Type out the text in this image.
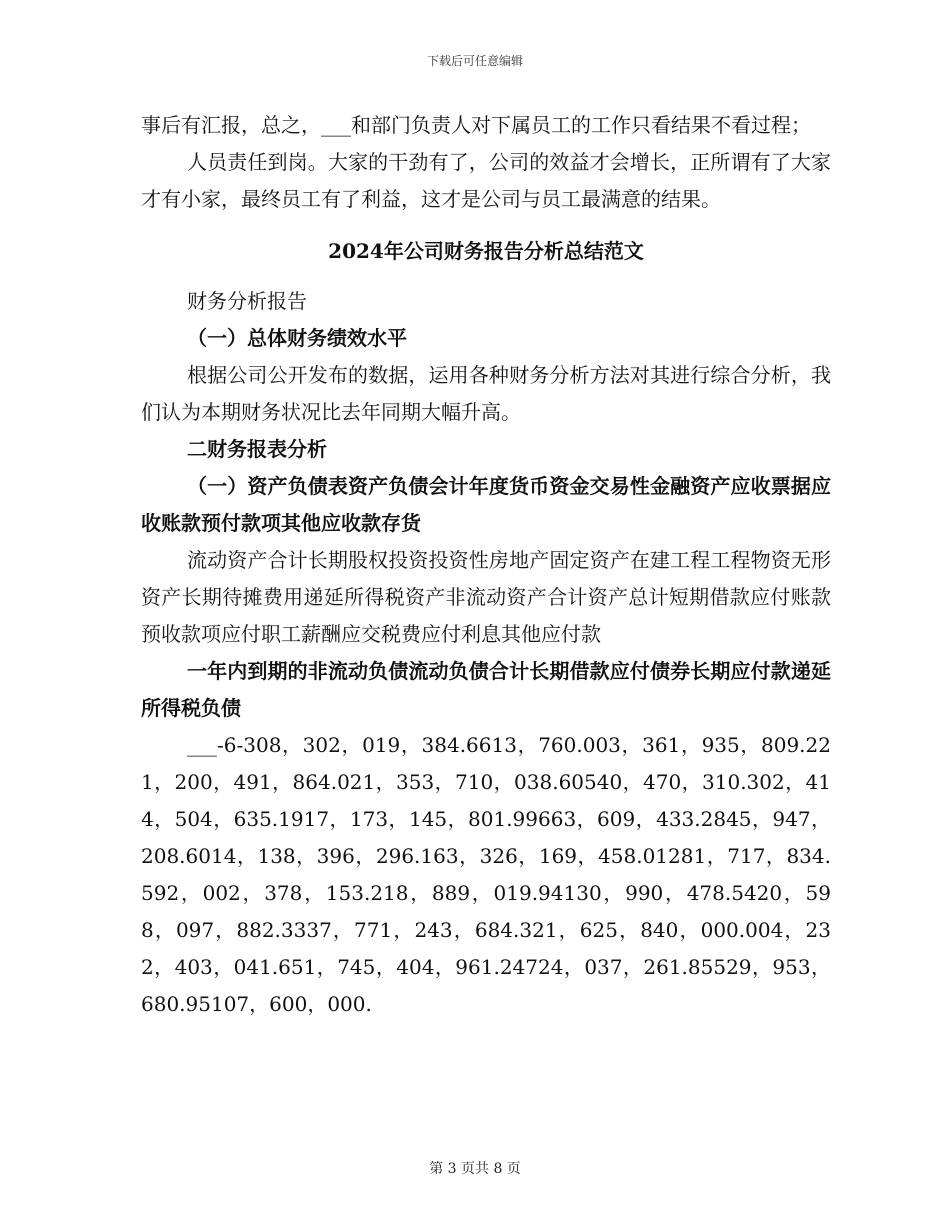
下载后可任意编辑

事后有汇报，总之，___和部门负责人对下属员工的工作只看结果不看过程；

人员责任到岗。大家的干劲有了，公司的效益才会增长，正所谓有了大家才有小家，最终员工有了利益，这才是公司与员工最满意的结果。

2024年公司财务报告分析总结范文

财务分析报告

（一）总体财务绩效水平

根据公司公开发布的数据，运用各种财务分析方法对其进行综合分析，我们认为本期财务状况比去年同期大幅升高。

二财务报表分析

（一）资产负债表资产负债会计年度货币资金交易性金融资产应收票据应收账款预付款项其他应收款存货

流动资产合计长期股权投资投资性房地产固定资产在建工程工程物资无形资产长期待摊费用递延所得税资产非流动资产合计资产总计短期借款应付账款预收款项应付职工薪酬应交税费应付利息其他应付款

一年内到期的非流动负债流动负债合计长期借款应付债券长期应付款递延所得税负债

___-6-308，302，019，384.6613，760.003，361，935，809.221，200，491，864.021，353，710，038.60540，470，310.302，414，504，635.1917，173，145，801.99663，609，433.2845，947，208.6014，138，396，296.163，326，169，458.01281，717，834.592，002，378，153.218，889，019.94130，990，478.5420，598，097，882.3337，771，243，684.321，625，840，000.004，232，403，041.651，745，404，961.24724，037，261.85529，953，680.95107，600，000.

第 3 页共 8 页
